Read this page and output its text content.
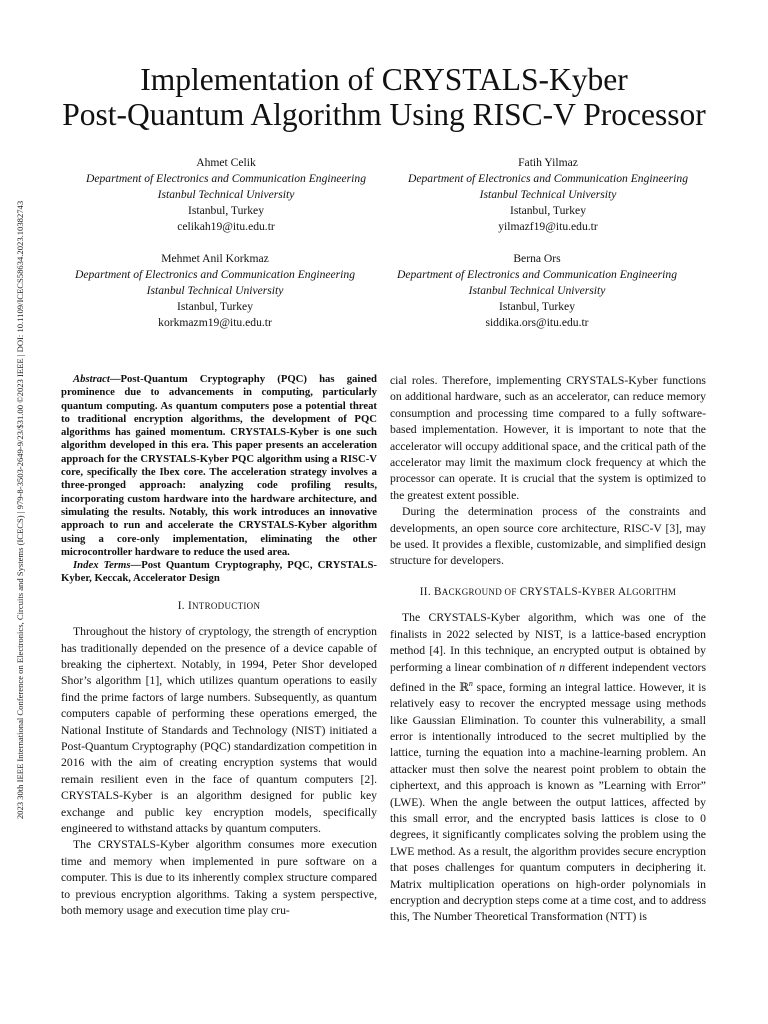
2023 30th IEEE International Conference on Electronics, Circuits and Systems (ICECS) | 979-8-3503-2649-9/23/$31.00 ©2023 IEEE | DOI: 10.1109/ICECS58634.2023.10382743
Implementation of CRYSTALS-Kyber
Post-Quantum Algorithm Using RISC-V Processor
Ahmet Celik
Department of Electronics and Communication Engineering
Istanbul Technical University
Istanbul, Turkey
celikah19@itu.edu.tr
Fatih Yilmaz
Department of Electronics and Communication Engineering
Istanbul Technical University
Istanbul, Turkey
yilmazf19@itu.edu.tr
Mehmet Anil Korkmaz
Department of Electronics and Communication Engineering
Istanbul Technical University
Istanbul, Turkey
korkmazm19@itu.edu.tr
Berna Ors
Department of Electronics and Communication Engineering
Istanbul Technical University
Istanbul, Turkey
siddika.ors@itu.edu.tr

Abstract—Post-Quantum Cryptography (PQC) has gained prominence due to advancements in computing, particularly quantum computing. As quantum computers pose a potential threat to traditional encryption algorithms, the development of PQC algorithms has gained momentum. CRYSTALS-Kyber is one such algorithm developed in this era. This paper presents an acceleration approach for the CRYSTALS-Kyber PQC algorithm using a RISC-V core, specifically the Ibex core. The acceleration strategy involves a three-pronged approach: analyzing code profiling results, incorporating custom hardware into the hardware architecture, and simulating the results. Notably, this work introduces an innovative approach to run and accelerate the CRYSTALS-Kyber algorithm using a core-only implementation, eliminating the other microcontroller hardware to reduce the used area.

Index Terms—Post Quantum Cryptography, PQC, CRYSTALS-Kyber, Keccak, Accelerator Design

I. INTRODUCTION

Throughout the history of cryptology, the strength of encryption has traditionally depended on the presence of a device capable of breaking the ciphertext. Notably, in 1994, Peter Shor developed Shor’s algorithm [1], which utilizes quantum operations to easily find the prime factors of large numbers. Subsequently, as quantum computers capable of performing these operations emerged, the National Institute of Standards and Technology (NIST) initiated a Post-Quantum Cryptography (PQC) standardization competition in 2016 with the aim of creating encryption systems that would remain resilient even in the face of quantum computers [2]. CRYSTALS-Kyber is an algorithm designed for public key exchange and public key encryption models, specifically engineered to withstand attacks by quantum computers.

The CRYSTALS-Kyber algorithm consumes more execution time and memory when implemented in pure software on a computer. This is due to its inherently complex structure compared to previous encryption algorithms. Taking a system perspective, both memory usage and execution time play cru-

cial roles. Therefore, implementing CRYSTALS-Kyber functions on additional hardware, such as an accelerator, can reduce memory consumption and processing time compared to a fully software-based implementation. However, it is important to note that the accelerator will occupy additional space, and the critical path of the accelerator may limit the maximum clock frequency at which the processor can operate. It is crucial that the system is optimized to the greatest extent possible.

During the determination process of the constraints and developments, an open source core architecture, RISC-V [3], may be used. It provides a flexible, customizable, and simplified design structure for developers.

II. BACKGROUND OF CRYSTALS-KYBER ALGORITHM

The CRYSTALS-Kyber algorithm, which was one of the finalists in 2022 selected by NIST, is a lattice-based encryption method [4]. In this technique, an encrypted output is obtained by performing a linear combination of n different independent vectors defined in the ℝ$^n$ space, forming an integral lattice. However, it is relatively easy to recover the encrypted message using methods like Gaussian Elimination. To counter this vulnerability, a small error is intentionally introduced to the secret multiplied by the lattice, turning the equation into a machine-learning problem. An attacker must then solve the nearest point problem to obtain the ciphertext, and this approach is known as ”Learning with Error” (LWE). When the angle between the output lattices, affected by this small error, and the encrypted basis lattices is close to 0 degrees, it significantly complicates solving the problem using the LWE method. As a result, the algorithm provides secure encryption that poses challenges for quantum computers in deciphering it. Matrix multiplication operations on high-order polynomials in encryption and decryption steps come at a time cost, and to address this, The Number Theoretical Transformation (NTT) is
